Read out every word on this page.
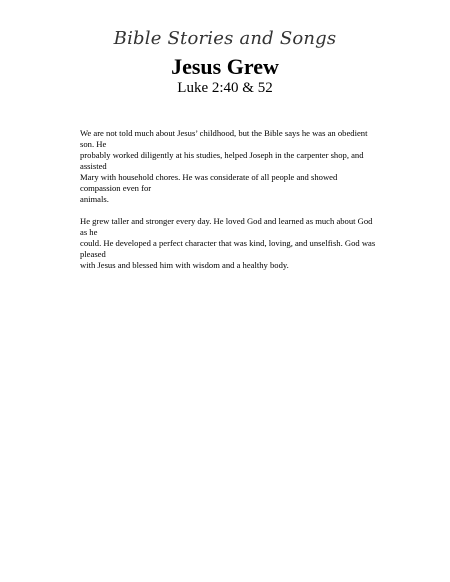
Bible Stories and Songs
Jesus Grew
Luke 2:40 & 52

We are not told much about Jesus’ childhood, but the Bible says he was an obedient son. He
probably worked diligently at his studies, helped Joseph in the carpenter shop, and assisted
Mary with household chores. He was considerate of all people and showed compassion even for
animals.

He grew taller and stronger every day. He loved God and learned as much about God as he
could. He developed a perfect character that was kind, loving, and unselfish. God was pleased
with Jesus and blessed him with wisdom and a healthy body.
